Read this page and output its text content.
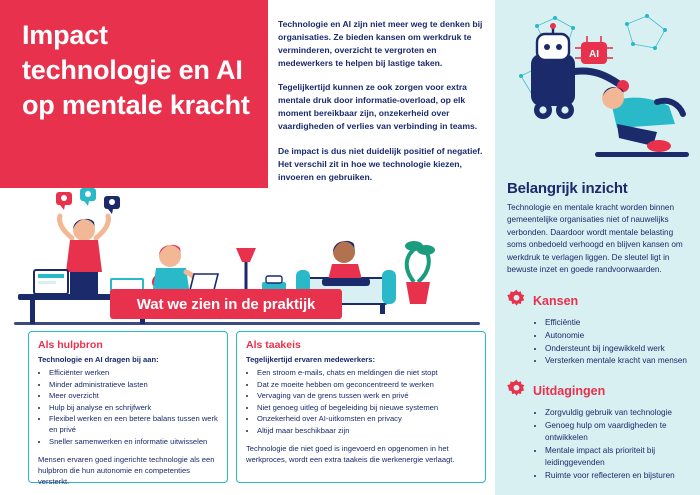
AI
Belangrijk inzicht
Technologie en mentale kracht worden binnen gemeentelijke organisaties niet of nauwelijks verbonden. Daardoor wordt mentale belasting soms onbedoeld verhoogd en blijven kansen om werkdruk te verlagen liggen. De sleutel ligt in bewuste inzet en goede randvoorwaarden.
Kansen
• Efficiëntie
• Autonomie
• Ondersteunt bij ingewikkeld werk
• Versterken mentale kracht van mensen
Uitdagingen
• Zorgvuldig gebruik van technologie
• Genoeg hulp om vaardigheden te ontwikkelen
• Mentale impact als prioriteit bij leidinggevenden
• Ruimte voor reflecteren en bijsturen
Impact technologie en AI op mentale kracht

Technologie en AI zijn niet meer weg te denken bij organisaties. Ze bieden kansen om werkdruk te verminderen, overzicht te vergroten en medewerkers te helpen bij lastige taken.

Tegelijkertijd kunnen ze ook zorgen voor extra mentale druk door informatie-overload, op elk moment bereikbaar zijn, onzekerheid over vaardigheden of verlies van verbinding in teams.

De impact is dus niet duidelijk positief of negatief. Het verschil zit in hoe we technologie kiezen, invoeren en gebruiken.

Wat we zien in de praktijk
Als hulpbron

Technologie en AI dragen bij aan:

• Efficiënter werken
• Minder administratieve lasten
• Meer overzicht
• Hulp bij analyse en schrijfwerk
• Flexibel werken en een betere balans tussen werk en privé
• Sneller samenwerken en informatie uitwisselen

Mensen ervaren goed ingerichte technologie als een hulpbron die hun autonomie en competenties versterkt.

Als taakeis

Tegelijkertijd ervaren medewerkers:

• Een stroom e-mails, chats en meldingen die niet stopt
• Dat ze moeite hebben om geconcentreerd te werken
• Vervaging van de grens tussen werk en privé
• Niet genoeg uitleg of begeleiding bij nieuwe systemen
• Onzekerheid over AI-uitkomsten en privacy
• Altijd maar beschikbaar zijn

Technologie die niet goed is ingevoerd en opgenomen in het werkproces, wordt een extra taakeis die werkenergie verlaagt.
